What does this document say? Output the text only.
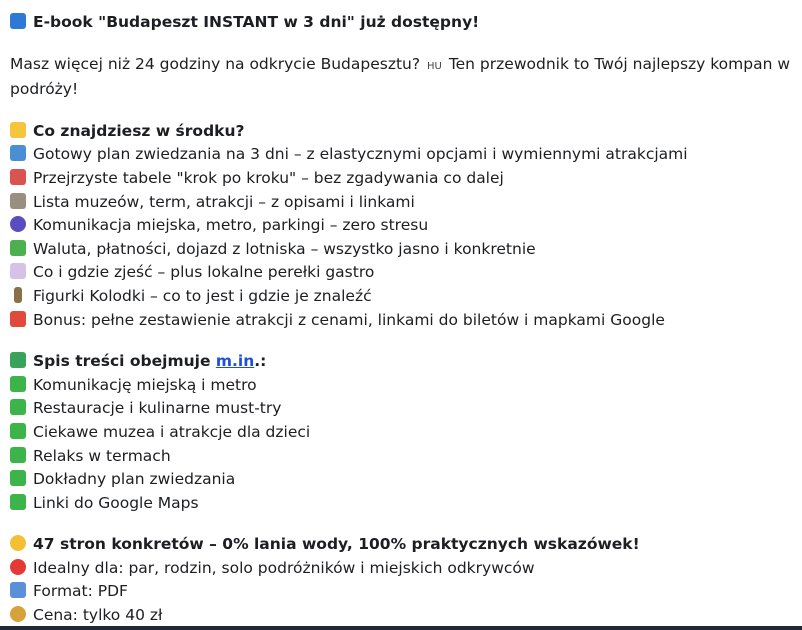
E-book "Budapeszt INSTANT w 3 dni" już dostępny!
Masz więcej niż 24 godziny na odkrycie Budapesztu? HU Ten przewodnik to Twój najlepszy kompan w podróży!
Co znajdziesz w środku?
Gotowy plan zwiedzania na 3 dni – z elastycznymi opcjami i wymiennymi atrakcjami
Przejrzyste tabele "krok po kroku" – bez zgadywania co dalej
Lista muzeów, term, atrakcji – z opisami i linkami
Komunikacja miejska, metro, parkingi – zero stresu
Waluta, płatności, dojazd z lotniska – wszystko jasno i konkretnie
Co i gdzie zjeść – plus lokalne perełki gastro
Figurki Kolodki – co to jest i gdzie je znaleźć
Bonus: pełne zestawienie atrakcji z cenami, linkami do biletów i mapkami Google
Spis treści obejmuje m.in.:
Komunikację miejską i metro
Restauracje i kulinarne must-try
Ciekawe muzea i atrakcje dla dzieci
Relaks w termach
Dokładny plan zwiedzania
Linki do Google Maps
47 stron konkretów – 0% lania wody, 100% praktycznych wskazówek!
Idealny dla: par, rodzin, solo podróżników i miejskich odkrywców
Format: PDF
Cena: tylko 40 zł
